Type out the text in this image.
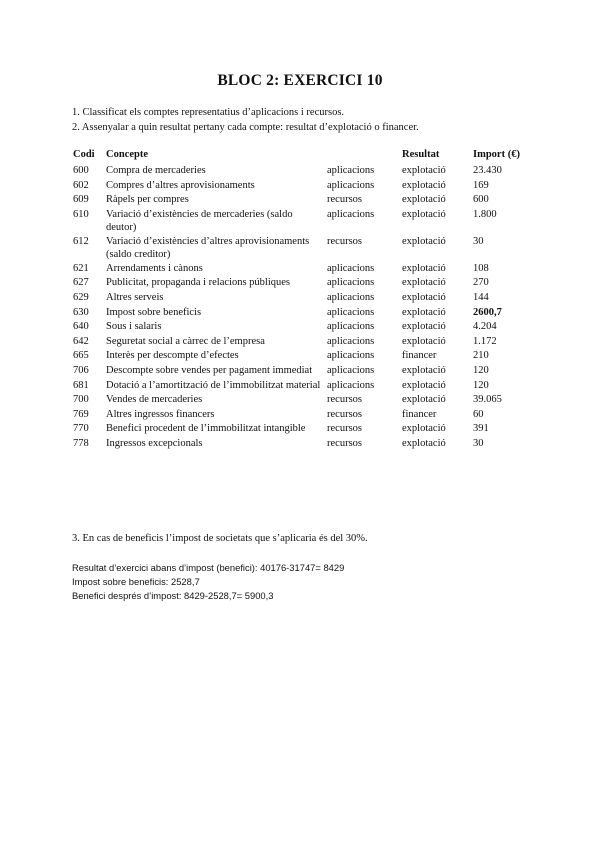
BLOC 2: EXERCICI 10
1. Classificat els comptes representatius d’aplicacions i recursos.
2. Assenyalar a quin resultat pertany cada compte: resultat d’explotació o financer.
Codi	Concepte		Resultat	Import (€)
600	Compra de mercaderies	aplicacions	explotació	23.430
602	Compres d’altres aprovisionaments	aplicacions	explotació	169
609	Ràpels per compres	recursos	explotació	600
610	Variació d’existències de mercaderies (saldo deutor)	aplicacions	explotació	1.800
612	Variació d’existències d’altres aprovisionaments (saldo creditor)	recursos	explotació	30
621	Arrendaments i cànons	aplicacions	explotació	108
627	Publicitat, propaganda i relacions públiques	aplicacions	explotació	270
629	Altres serveis	aplicacions	explotació	144
630	Impost sobre beneficis	aplicacions	explotació	2600,7
640	Sous i salaris	aplicacions	explotació	4.204
642	Seguretat social a càrrec de l’empresa	aplicacions	explotació	1.172
665	Interès per descompte d’efectes	aplicacions	financer	210
706	Descompte sobre vendes per pagament immediat	aplicacions	explotació	120
681	Dotació a l’amortització de l’immobilitzat material	aplicacions	explotació	120
700	Vendes de mercaderies	recursos	explotació	39.065
769	Altres ingressos financers	recursos	financer	60
770	Benefici procedent de l’immobilitzat intangible	recursos	explotació	391
778	Ingressos excepcionals	recursos	explotació	30
3. En cas de beneficis l’impost de societats que s’aplicaria és del 30%.
Resultat d’exercici abans d’impost (benefici): 40176-31747= 8429
Impost sobre beneficis: 2528,7
Benefici després d’impost: 8429-2528,7= 5900,3
